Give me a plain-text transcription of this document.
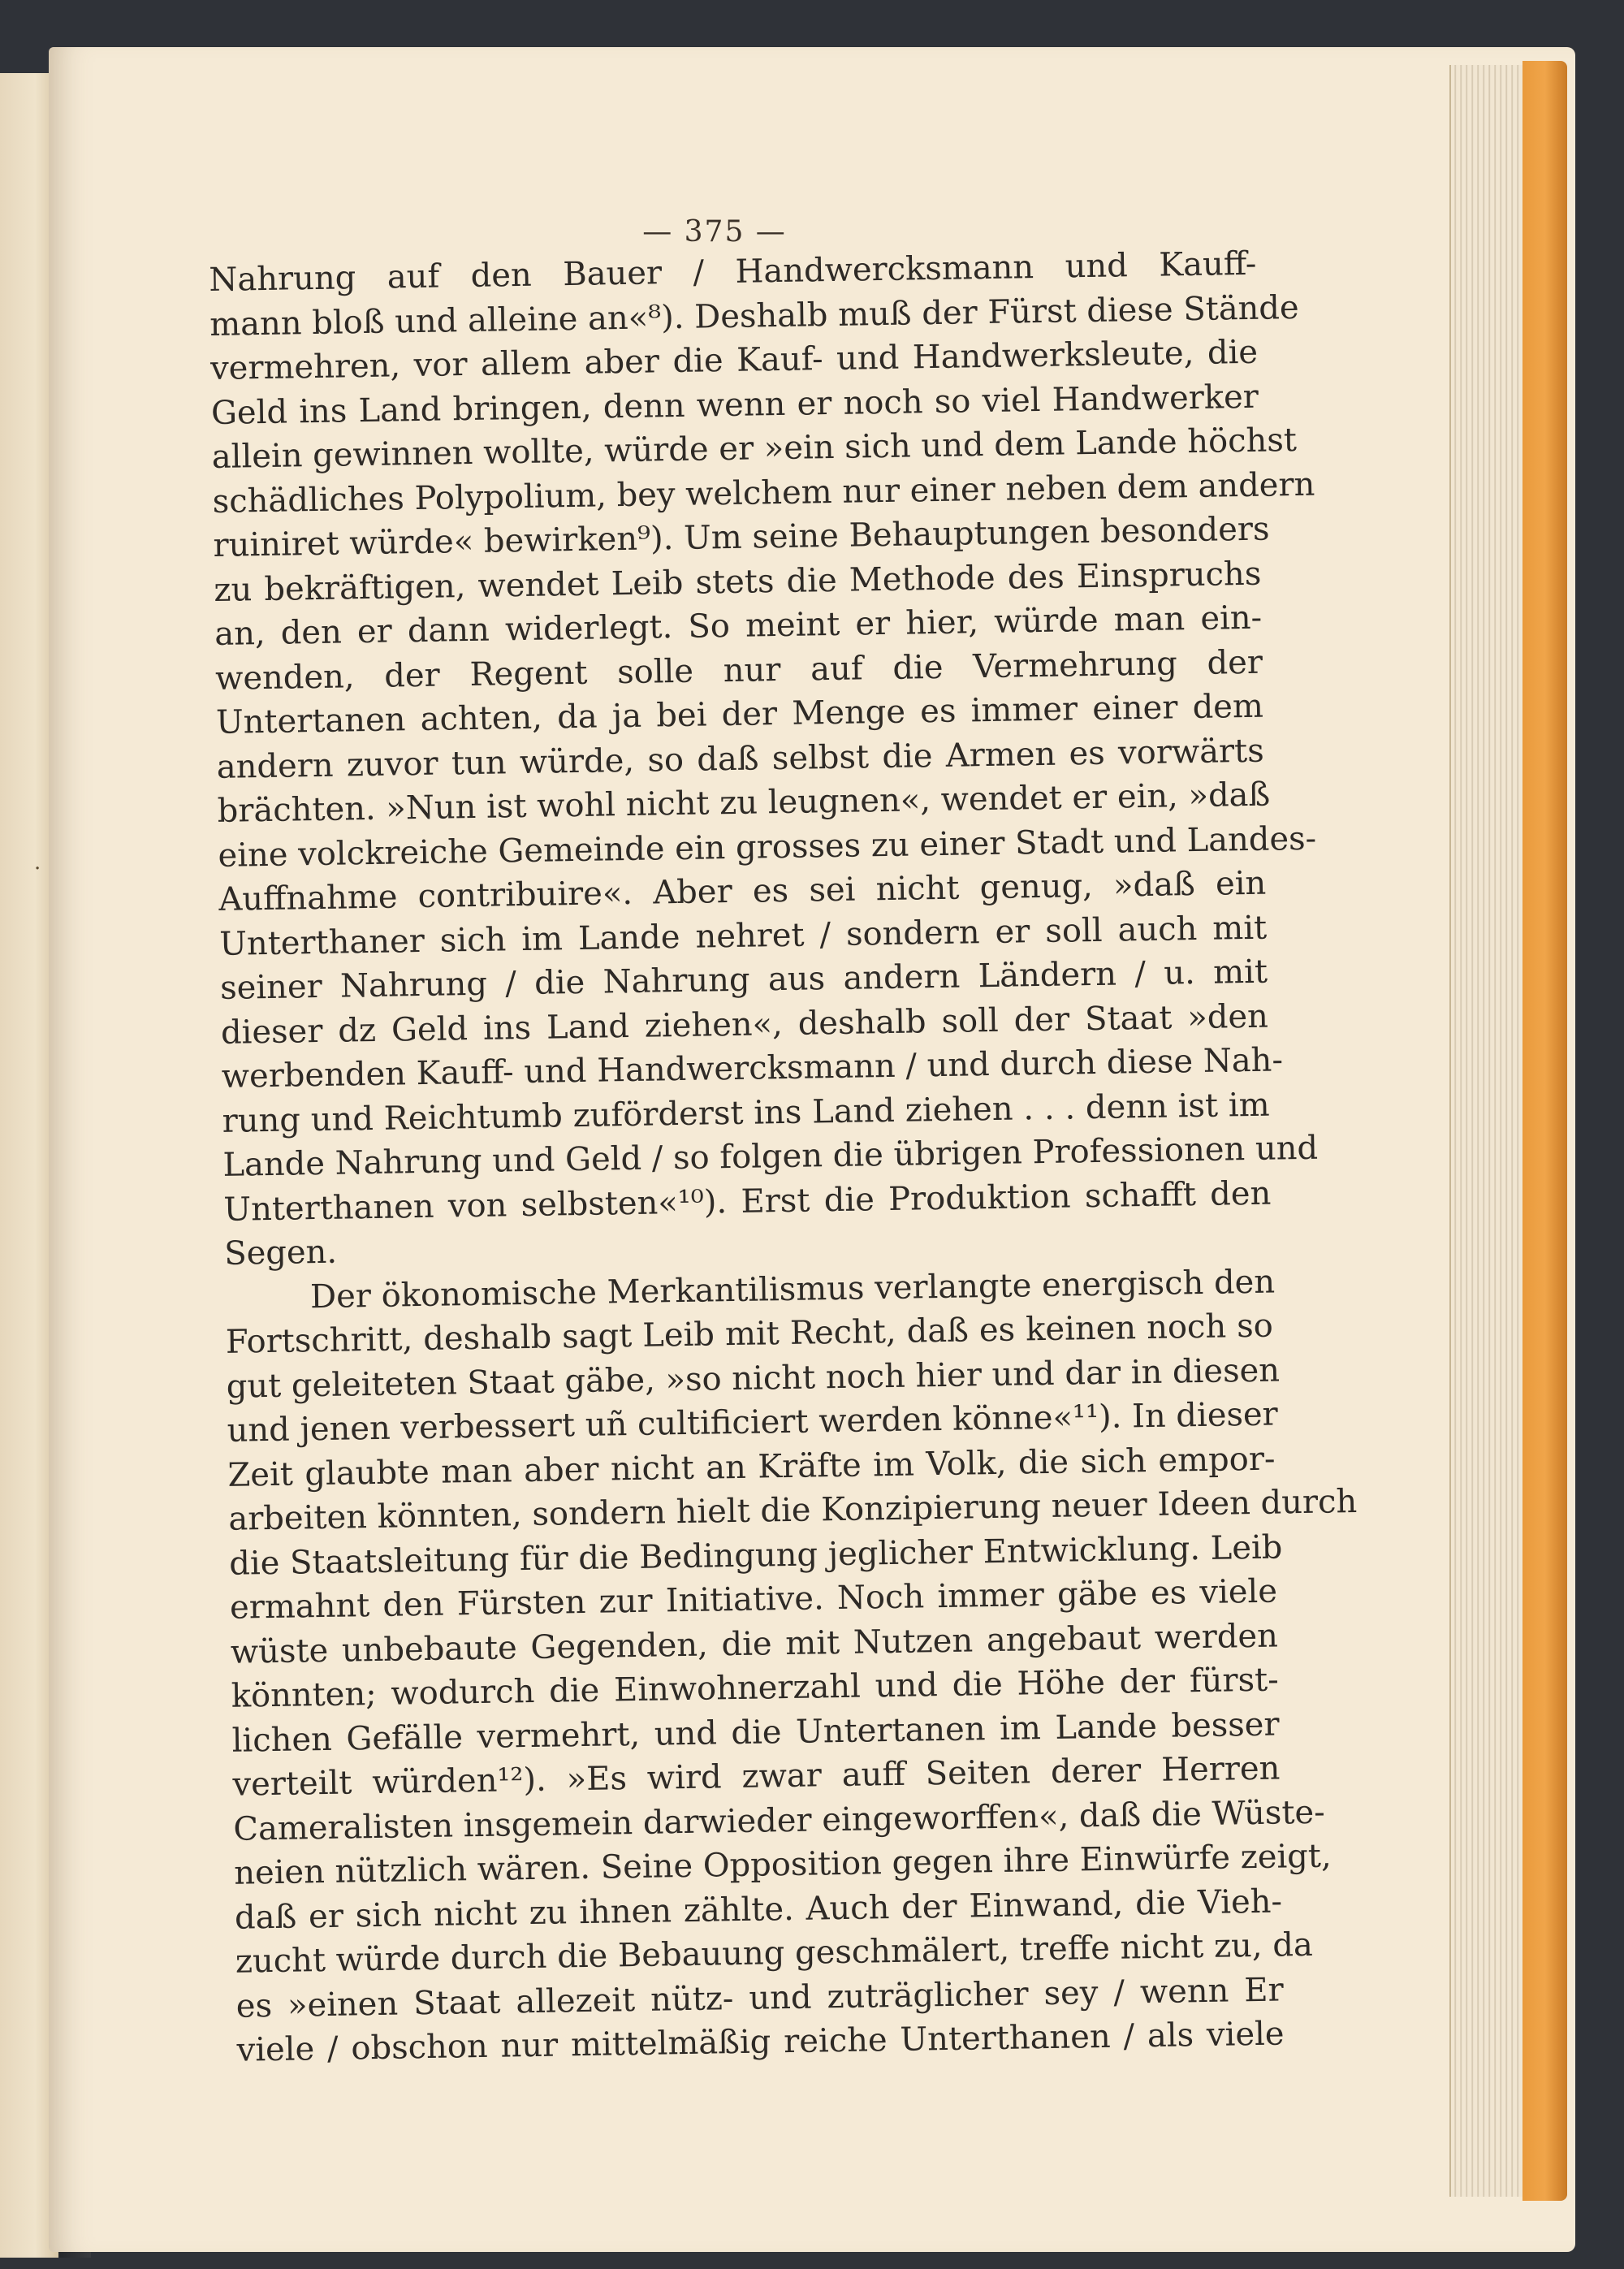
·
— 375 —
Nahrung auf den Bauer / Handwercksmann und Kauff-
mann bloß und alleine an«⁸). Deshalb muß der Fürst diese Stände
vermehren, vor allem aber die Kauf- und Handwerksleute, die
Geld ins Land bringen, denn wenn er noch so viel Handwerker
allein gewinnen wollte, würde er »ein sich und dem Lande höchst
schädliches Polypolium, bey welchem nur einer neben dem andern
ruiniret würde« bewirken⁹). Um seine Behauptungen besonders
zu bekräftigen, wendet Leib stets die Methode des Einspruchs
an, den er dann widerlegt. So meint er hier, würde man ein-
wenden, der Regent solle nur auf die Vermehrung der
Untertanen achten, da ja bei der Menge es immer einer dem
andern zuvor tun würde, so daß selbst die Armen es vorwärts
brächten. »Nun ist wohl nicht zu leugnen«, wendet er ein, »daß
eine volckreiche Gemeinde ein grosses zu einer Stadt und Landes-
Auffnahme contribuire«. Aber es sei nicht genug, »daß ein
Unterthaner sich im Lande nehret / sondern er soll auch mit
seiner Nahrung / die Nahrung aus andern Ländern / u. mit
dieser dz Geld ins Land ziehen«, deshalb soll der Staat »den
werbenden Kauff- und Handwercksmann / und durch diese Nah-
rung und Reichtumb zuförderst ins Land ziehen . . . denn ist im
Lande Nahrung und Geld / so folgen die übrigen Professionen und
Unterthanen von selbsten«¹⁰). Erst die Produktion schafft den
Segen.
Der ökonomische Merkantilismus verlangte energisch den
Fortschritt, deshalb sagt Leib mit Recht, daß es keinen noch so
gut geleiteten Staat gäbe, »so nicht noch hier und dar in diesen
und jenen verbessert uñ cultificiert werden könne«¹¹). In dieser
Zeit glaubte man aber nicht an Kräfte im Volk, die sich empor-
arbeiten könnten, sondern hielt die Konzipierung neuer Ideen durch
die Staatsleitung für die Bedingung jeglicher Entwicklung. Leib
ermahnt den Fürsten zur Initiative. Noch immer gäbe es viele
wüste unbebaute Gegenden, die mit Nutzen angebaut werden
könnten; wodurch die Einwohnerzahl und die Höhe der fürst-
lichen Gefälle vermehrt, und die Untertanen im Lande besser
verteilt würden¹²). »Es wird zwar auff Seiten derer Herren
Cameralisten insgemein darwieder eingeworffen«, daß die Wüste-
neien nützlich wären. Seine Opposition gegen ihre Einwürfe zeigt,
daß er sich nicht zu ihnen zählte. Auch der Einwand, die Vieh-
zucht würde durch die Bebauung geschmälert, treffe nicht zu, da
es »einen Staat allezeit nütz- und zuträglicher sey / wenn Er
viele / obschon nur mittelmäßig reiche Unterthanen / als viele
